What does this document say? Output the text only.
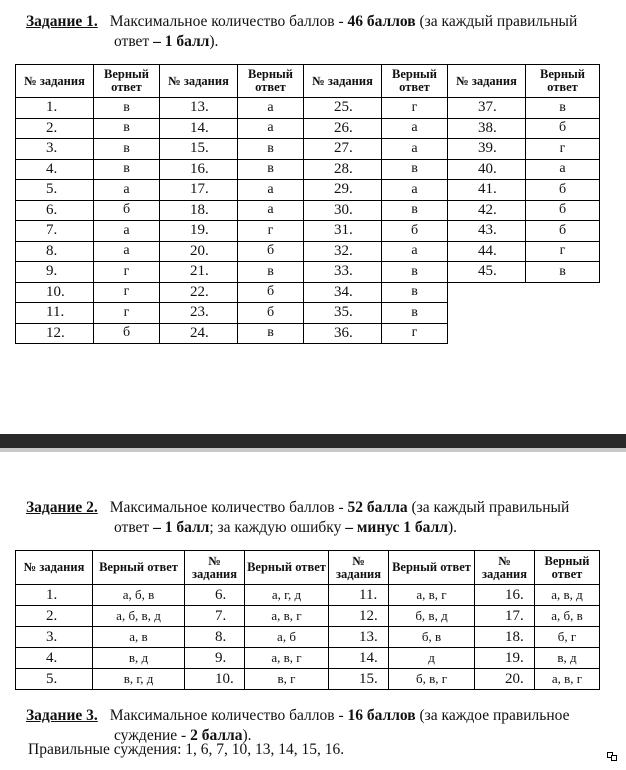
Задание 1. Максимальное количество баллов - 46 баллов (за каждый правильный
ответ – 1 балл).
№ задания	Верный ответ	№ задания	Верный ответ	№ задания	Верный ответ	№ задания	Верный ответ
1.	в	13.	а	25.	г	37.	в
2.	в	14.	а	26.	а	38.	б
3.	в	15.	в	27.	а	39.	г
4.	в	16.	в	28.	в	40.	а
5.	а	17.	а	29.	а	41.	б
6.	б	18.	а	30.	в	42.	б
7.	а	19.	г	31.	б	43.	б
8.	а	20.	б	32.	а	44.	г
9.	г	21.	в	33.	в	45.	в
10.	г	22.	б	34.	в		
11.	г	23.	б	35.	в		
12.	б	24.	в	36.	г		
Задание 2. Максимальное количество баллов - 52 балла (за каждый правильный
ответ – 1 балл; за каждую ошибку – минус 1 балл).
№ задания	Верный ответ	№ задания	Верный ответ	№ задания	Верный ответ	№ задания	Верный ответ
1.	а, б, в	6.	а, г, д	11.	а, в, г	16.	а, в, д
2.	а, б, в, д	7.	а, в, г	12.	б, в, д	17.	а, б, в
3.	а, в	8.	а, б	13.	б, в	18.	б, г
4.	в, д	9.	а, в, г	14.	д	19.	в, д
5.	в, г, д	10.	в, г	15.	б, в, г	20.	а, в, г
Задание 3. Максимальное количество баллов - 16 баллов (за каждое правильное
суждение - 2 балла).
Правильные суждения: 1, 6, 7, 10, 13, 14, 15, 16.
